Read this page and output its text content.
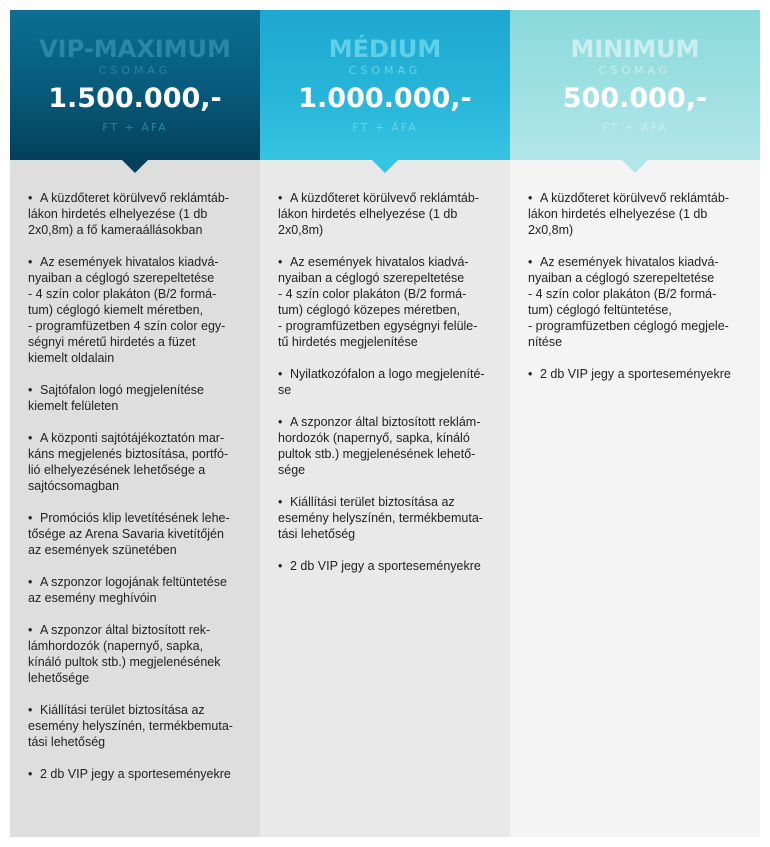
VIP-MAXIMUM
CSOMAG
1.500.000,-
FT + ÁFA
• A küzdőteret körülvevő reklámtáb-
lákon hirdetés elhelyezése (1 db
2x0,8m) a fő kameraállásokban
• Az események hivatalos kiadvá-
nyaiban a céglogó szerepeltetése
- 4 szín color plakáton (B/2 formá-
tum) céglogó kiemelt méretben,
- programfüzetben 4 szín color egy-
ségnyi méretű hirdetés a füzet
kiemelt oldalain
• Sajtófalon logó megjelenítése
kiemelt felületen
• A központi sajtótájékoztatón mar-
káns megjelenés biztosítása, portfó-
lió elhelyezésének lehetősége a
sajtócsomagban
• Promóciós klip levetítésének lehe-
tősége az Arena Savaria kivetítőjén
az események szünetében
• A szponzor logojának feltüntetése
az esemény meghívóin
• A szponzor által biztosított rek-
lámhordozók (napernyő, sapka,
kínáló pultok stb.) megjelenésének
lehetősége
• Kiállítási terület biztosítása az
esemény helyszínén, termékbemuta-
tási lehetőség
• 2 db VIP jegy a sporteseményekre
MÉDIUM
CSOMAG
1.000.000,-
FT + ÁFA
• A küzdőteret körülvevő reklámtáb-
lákon hirdetés elhelyezése (1 db
2x0,8m)
• Az események hivatalos kiadvá-
nyaiban a céglogó szerepeltetése
- 4 szín color plakáton (B/2 formá-
tum) céglogó közepes méretben,
- programfüzetben egységnyi felüle-
tű hirdetés megjelenítése
• Nyilatkozófalon a logo megjeleníté-
se
• A szponzor által biztosított reklám-
hordozók (napernyő, sapka, kínáló
pultok stb.) megjelenésének lehető-
sége
• Kiállítási terület biztosítása az
esemény helyszínén, termékbemuta-
tási lehetőség
• 2 db VIP jegy a sporteseményekre
MINIMUM
CSOMAG
500.000,-
FT + ÁFA
• A küzdőteret körülvevő reklámtáb-
lákon hirdetés elhelyezése (1 db
2x0,8m)
• Az események hivatalos kiadvá-
nyaiban a céglogó szerepeltetése
- 4 szín color plakáton (B/2 formá-
tum) céglogó feltüntetése,
- programfüzetben céglogó megjele-
nítése
• 2 db VIP jegy a sporteseményekre
